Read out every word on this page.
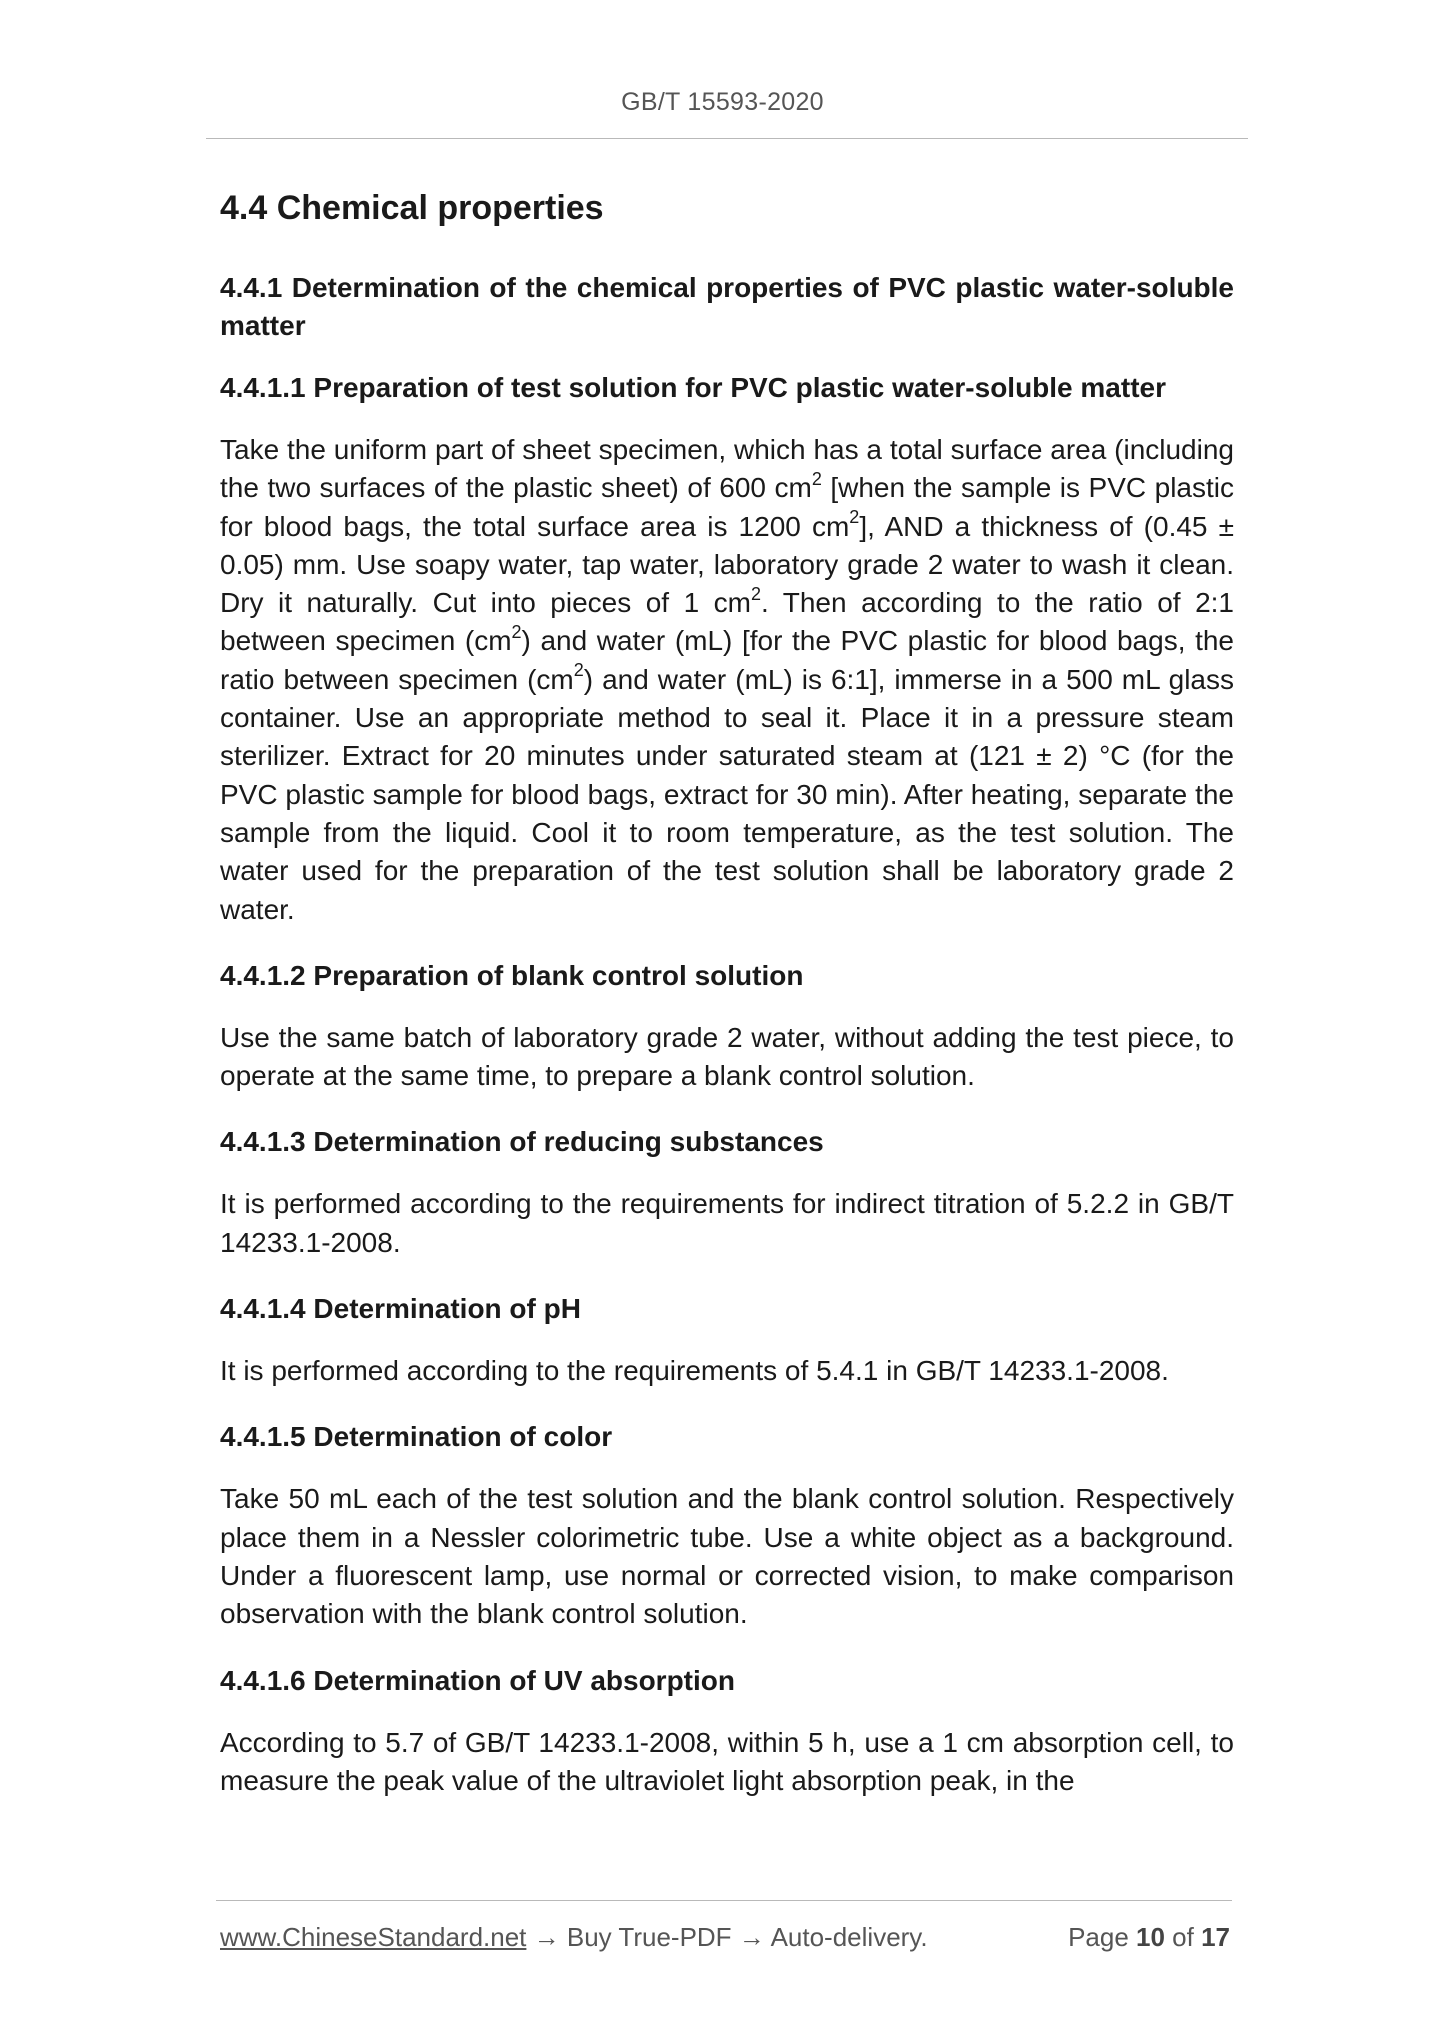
GB/T 15593-2020
4.4 Chemical properties
4.4.1 Determination of the chemical properties of PVC plastic water-soluble matter
4.4.1.1 Preparation of test solution for PVC plastic water-soluble matter
Take the uniform part of sheet specimen, which has a total surface area (including the two surfaces of the plastic sheet) of 600 $cm^2$ [when the sample is PVC plastic for blood bags, the total surface area is 1200 $cm^2$], AND a thickness of (0.45 ± 0.05) mm. Use soapy water, tap water, laboratory grade 2 water to wash it clean. Dry it naturally. Cut into pieces of 1 $cm^2$. Then according to the ratio of 2:1 between specimen $(cm^2)$ and water (mL) [for the PVC plastic for blood bags, the ratio between specimen $(cm^2)$ and water (mL) is 6:1], immerse in a 500 mL glass container. Use an appropriate method to seal it. Place it in a pressure steam sterilizer. Extract for 20 minutes under saturated steam at (121 ± 2) °C (for the PVC plastic sample for blood bags, extract for 30 min). After heating, separate the sample from the liquid. Cool it to room temperature, as the test solution. The water used for the preparation of the test solution shall be laboratory grade 2 water.
4.4.1.2 Preparation of blank control solution
Use the same batch of laboratory grade 2 water, without adding the test piece, to operate at the same time, to prepare a blank control solution.
4.4.1.3 Determination of reducing substances
It is performed according to the requirements for indirect titration of 5.2.2 in GB/T 14233.1-2008.
4.4.1.4 Determination of pH
It is performed according to the requirements of 5.4.1 in GB/T 14233.1-2008.
4.4.1.5 Determination of color
Take 50 mL each of the test solution and the blank control solution. Respectively place them in a Nessler colorimetric tube. Use a white object as a background. Under a fluorescent lamp, use normal or corrected vision, to make comparison observation with the blank control solution.
4.4.1.6 Determination of UV absorption
According to 5.7 of GB/T 14233.1-2008, within 5 h, use a 1 cm absorption cell, to measure the peak value of the ultraviolet light absorption peak, in the
www.ChineseStandard.net → Buy True-PDF → Auto-delivery.	Page 10 of 17
